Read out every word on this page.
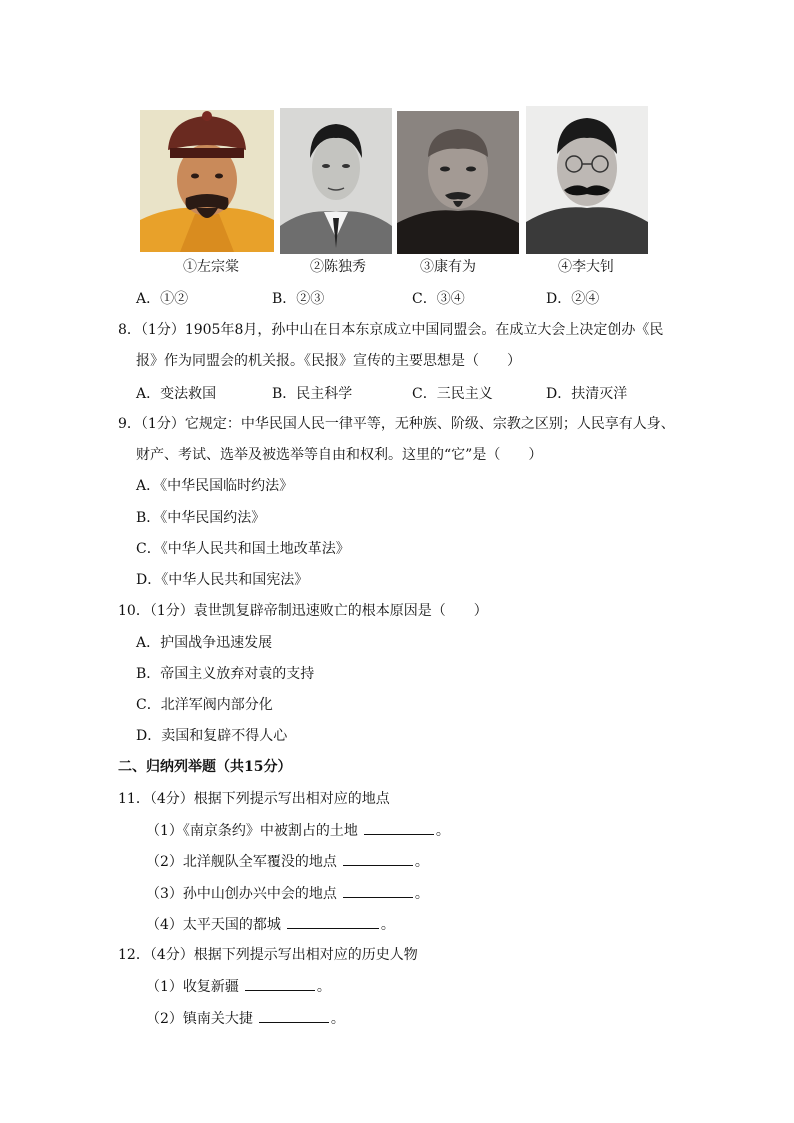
①左宗棠	②陈独秀	③康有为	④李大钊
A．①②	B．②③	C．③④	D．②④
8．（1分）1905年8月，孙中山在日本东京成立中国同盟会。在成立大会上决定创办《民
报》作为同盟会的机关报。《民报》宣传的主要思想是（　　）
A．变法救国	B．民主科学	C．三民主义	D．扶清灭洋
9．（1分）它规定：中华民国人民一律平等，无种族、阶级、宗教之区别；人民享有人身、
财产、考试、选举及被选举等自由和权利。这里的“它”是（　　）
A．《中华民国临时约法》
B．《中华民国约法》
C．《中华人民共和国土地改革法》
D．《中华人民共和国宪法》
10．（1分）袁世凯复辟帝制迅速败亡的根本原因是（　　）
A．护国战争迅速发展
B．帝国主义放弃对袁的支持
C．北洋军阀内部分化
D．卖国和复辟不得人心
二、归纳列举题（共15分）
11．（4分）根据下列提示写出相对应的地点
（1）《南京条约》中被割占的土地	。
（2）北洋舰队全军覆没的地点	。
（3）孙中山创办兴中会的地点	。
（4）太平天国的都城	。
12．（4分）根据下列提示写出相对应的历史人物
（1）收复新疆	。
（2）镇南关大捷	。
